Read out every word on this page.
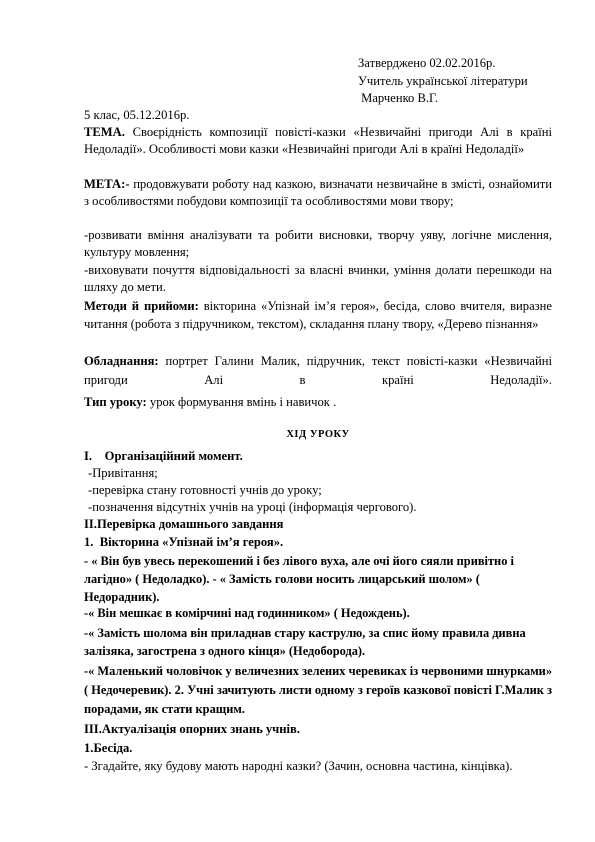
Затверджено 02.02.2016р.
Учитель української літератури
Марченко В.Г.
5 клас, 05.12.2016р.
ТЕМА. Своєрідність композиції повісті-казки «Незвичайні пригоди Алі в країні Недоладії». Особливості мови казки «Незвичайні пригоди Алі в країні Недоладії»
МЕТА:- продовжувати роботу над казкою, визначати незвичайне в змісті, ознайомити з особливостями побудови композиції та особливостями мови твору;
-розвивати вміння аналізувати та робити висновки, творчу уяву, логічне мислення, культуру мовлення;
-виховувати почуття відповідальності за власні вчинки, уміння долати перешкоди на шляху до мети.
Методи й прийоми: вікторина «Упізнай ім’я героя», бесіда, слово вчителя, виразне читання (робота з підручником, текстом), складання плану твору, «Дерево пізнання»
Обладнання: портрет Галини Малик, підручник, текст повісті-казки «Незвичайні пригоди Алі в країні Недоладії».
Тип уроку: урок формування вмінь і навичок .
ХІД УРОКУ
І.    Організаційний момент.
-Привітання;
-перевірка стану готовності учнів до уроку;
-позначення відсутніх учнів на уроці (інформація чергового).
ІІ.Перевірка домашнього завдання
1.  Вікторина «Упізнай ім’я героя».
- « Він був увесь перекошений і без лівого вуха, але очі його сяяли привітно і лагідно» ( Недоладко). - « Замість голови носить лицарський шолом» ( Недорадник).
-« Він мешкає в комірчині над годинником» ( Недождень).
-« Замість шолома він приладнав стару каструлю, за спис йому правила дивна залізяка, загострена з одного кінця» (Недоборода).
-« Маленький чоловічок у величезних зелених черевиках із червоними шнурками» ( Недочеревик). 2. Учні зачитують листи одному з героїв казкової повісті Г.Малик з порадами, як стати кращим.
ІІІ.Актуалізація опорних знань учнів.
1.Бесіда.
- Згадайте, яку будову мають народні казки? (Зачин, основна частина, кінцівка).
